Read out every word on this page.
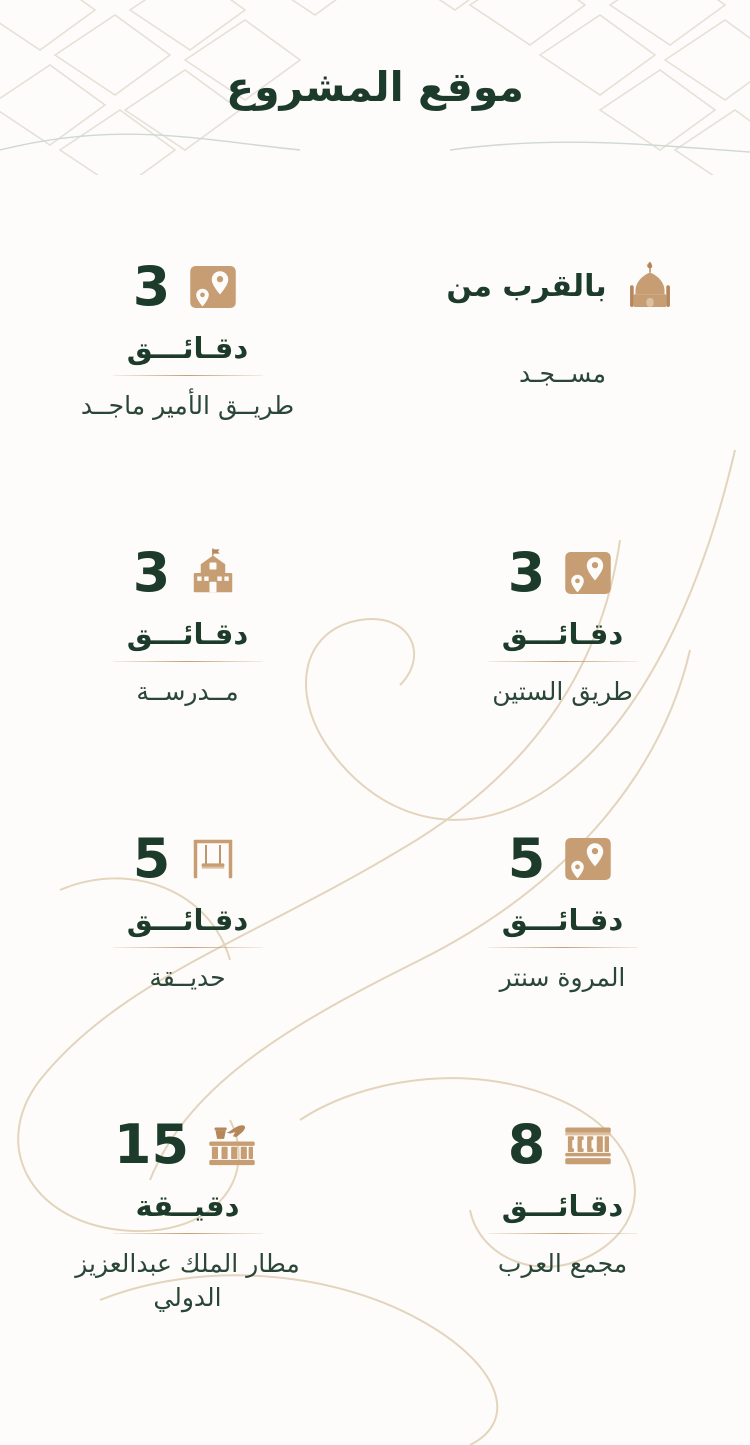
موقع المشروع
بالقرب من
مســجـد
3
دقـائـــق
طريــق الأمير ماجــد
3
دقـائـــق
طريق الستين
3
دقـائـــق
مــدرســة
5
دقـائـــق
المروة سنتر
5
دقـائـــق
حديــقة
8
دقـائـــق
مجمع العرب
15
دقيــقة
مطار الملك عبدالعزيز الدولي
